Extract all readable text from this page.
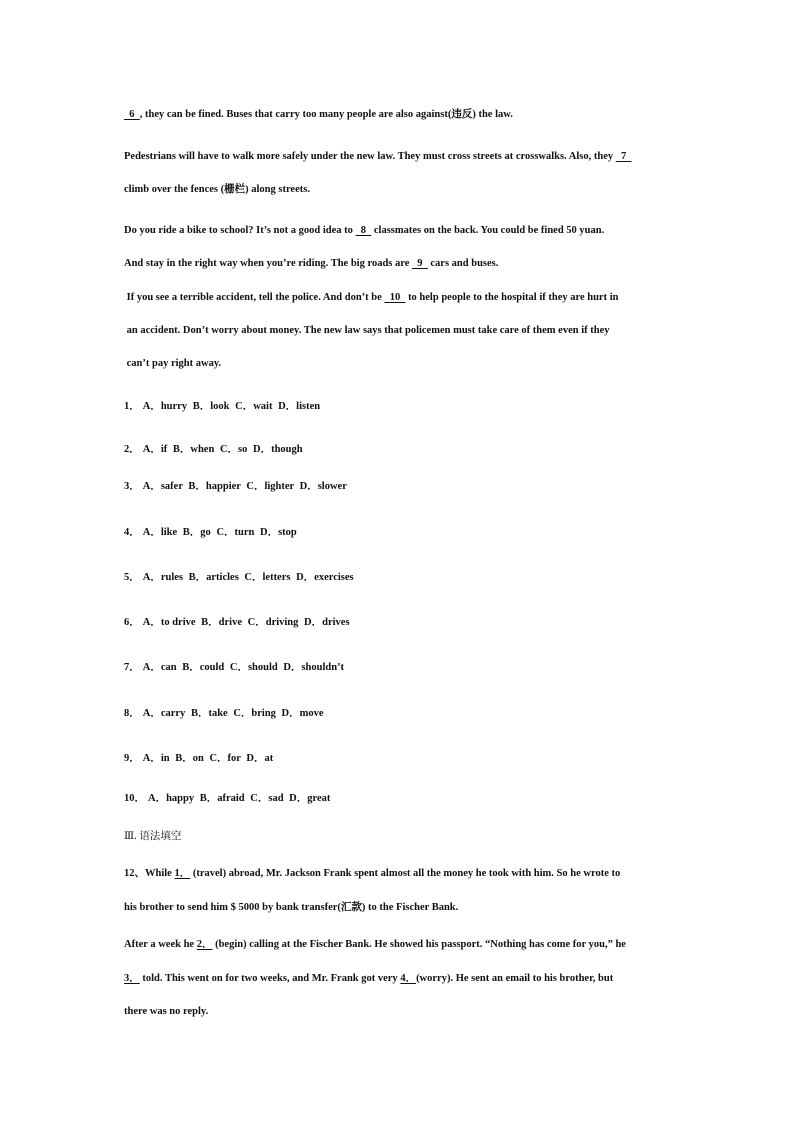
6  , they can be fined. Buses that carry too many people are also against(违反) the law.
Pedestrians will have to walk more safely under the new law. They must cross streets at crosswalks. Also, they   7
climb over the fences (栅栏) along streets.
Do you ride a bike to school? It’s not a good idea to   8   classmates on the back. You could be fined 50 yuan.
And stay in the right way when you’re riding. The big roads are   9   cars and buses.
If you see a terrible accident, tell the police. And don’t be   10   to help people to the hospital if they are hurt in
an accident. Don’t worry about money. The new law says that policemen must take care of them even if they
can’t pay right away.
1． A．hurry B．look C．wait D．listen
2． A．if B．when C．so D．though
3． A．safer B．happier C．lighter D．slower
4． A．like B．go C．turn D．stop
5． A．rules B．articles C．letters D．exercises
6． A．to drive B．drive C．driving D．drives
7． A．can B．could C．should D．shouldn’t
8． A．carry B．take C．bring D．move
9． A．in B．on C．for D．at
10． A．happy B．afraid C．sad D．great
Ⅲ. 语法填空
12、While 1． (travel) abroad, Mr. Jackson Frank spent almost all the money he took with him. So he wrote to
his brother to send him $ 5000 by bank transfer(汇款) to the Fischer Bank.
After a week he 2． (begin) calling at the Fischer Bank. He showed his passport. “Nothing has come for you,” he
3． told. This went on for two weeks, and Mr. Frank got very 4．(worry). He sent an email to his brother, but
there was no reply.
